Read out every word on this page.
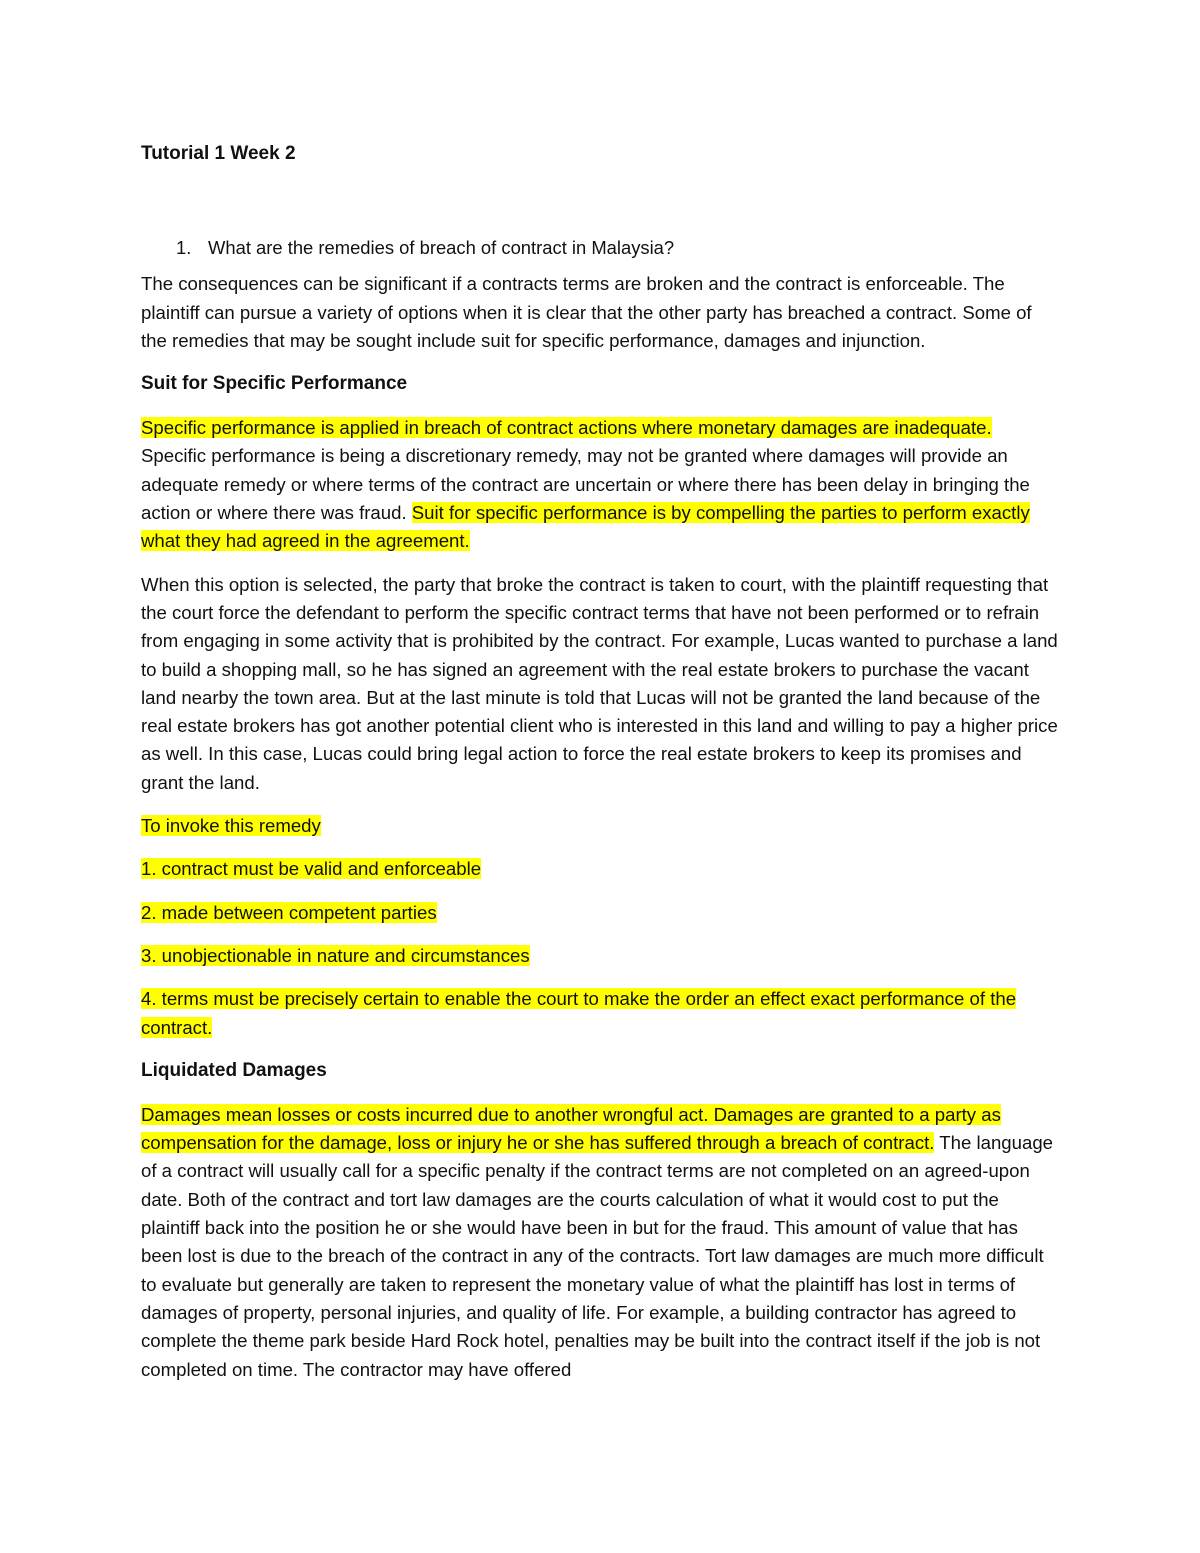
Tutorial 1 Week 2
1. What are the remedies of breach of contract in Malaysia?

The consequences can be significant if a contracts terms are broken and the contract is enforceable. The plaintiff can pursue a variety of options when it is clear that the other party has breached a contract. Some of the remedies that may be sought include suit for specific performance, damages and injunction.

Suit for Specific Performance

Specific performance is applied in breach of contract actions where monetary damages are inadequate. Specific performance is being a discretionary remedy, may not be granted where damages will provide an adequate remedy or where terms of the contract are uncertain or where there has been delay in bringing the action or where there was fraud. Suit for specific performance is by compelling the parties to perform exactly what they had agreed in the agreement.

When this option is selected, the party that broke the contract is taken to court, with the plaintiff requesting that the court force the defendant to perform the specific contract terms that have not been performed or to refrain from engaging in some activity that is prohibited by the contract. For example, Lucas wanted to purchase a land to build a shopping mall, so he has signed an agreement with the real estate brokers to purchase the vacant land nearby the town area. But at the last minute is told that Lucas will not be granted the land because of the real estate brokers has got another potential client who is interested in this land and willing to pay a higher price as well. In this case, Lucas could bring legal action to force the real estate brokers to keep its promises and grant the land.

To invoke this remedy

1. contract must be valid and enforceable

2. made between competent parties

3. unobjectionable in nature and circumstances

4. terms must be precisely certain to enable the court to make the order an effect exact performance of the contract.

Liquidated Damages

Damages mean losses or costs incurred due to another wrongful act. Damages are granted to a party as compensation for the damage, loss or injury he or she has suffered through a breach of contract. The language of a contract will usually call for a specific penalty if the contract terms are not completed on an agreed-upon date. Both of the contract and tort law damages are the courts calculation of what it would cost to put the plaintiff back into the position he or she would have been in but for the fraud. This amount of value that has been lost is due to the breach of the contract in any of the contracts. Tort law damages are much more difficult to evaluate but generally are taken to represent the monetary value of what the plaintiff has lost in terms of damages of property, personal injuries, and quality of life. For example, a building contractor has agreed to complete the theme park beside Hard Rock hotel, penalties may be built into the contract itself if the job is not completed on time. The contractor may have offered
